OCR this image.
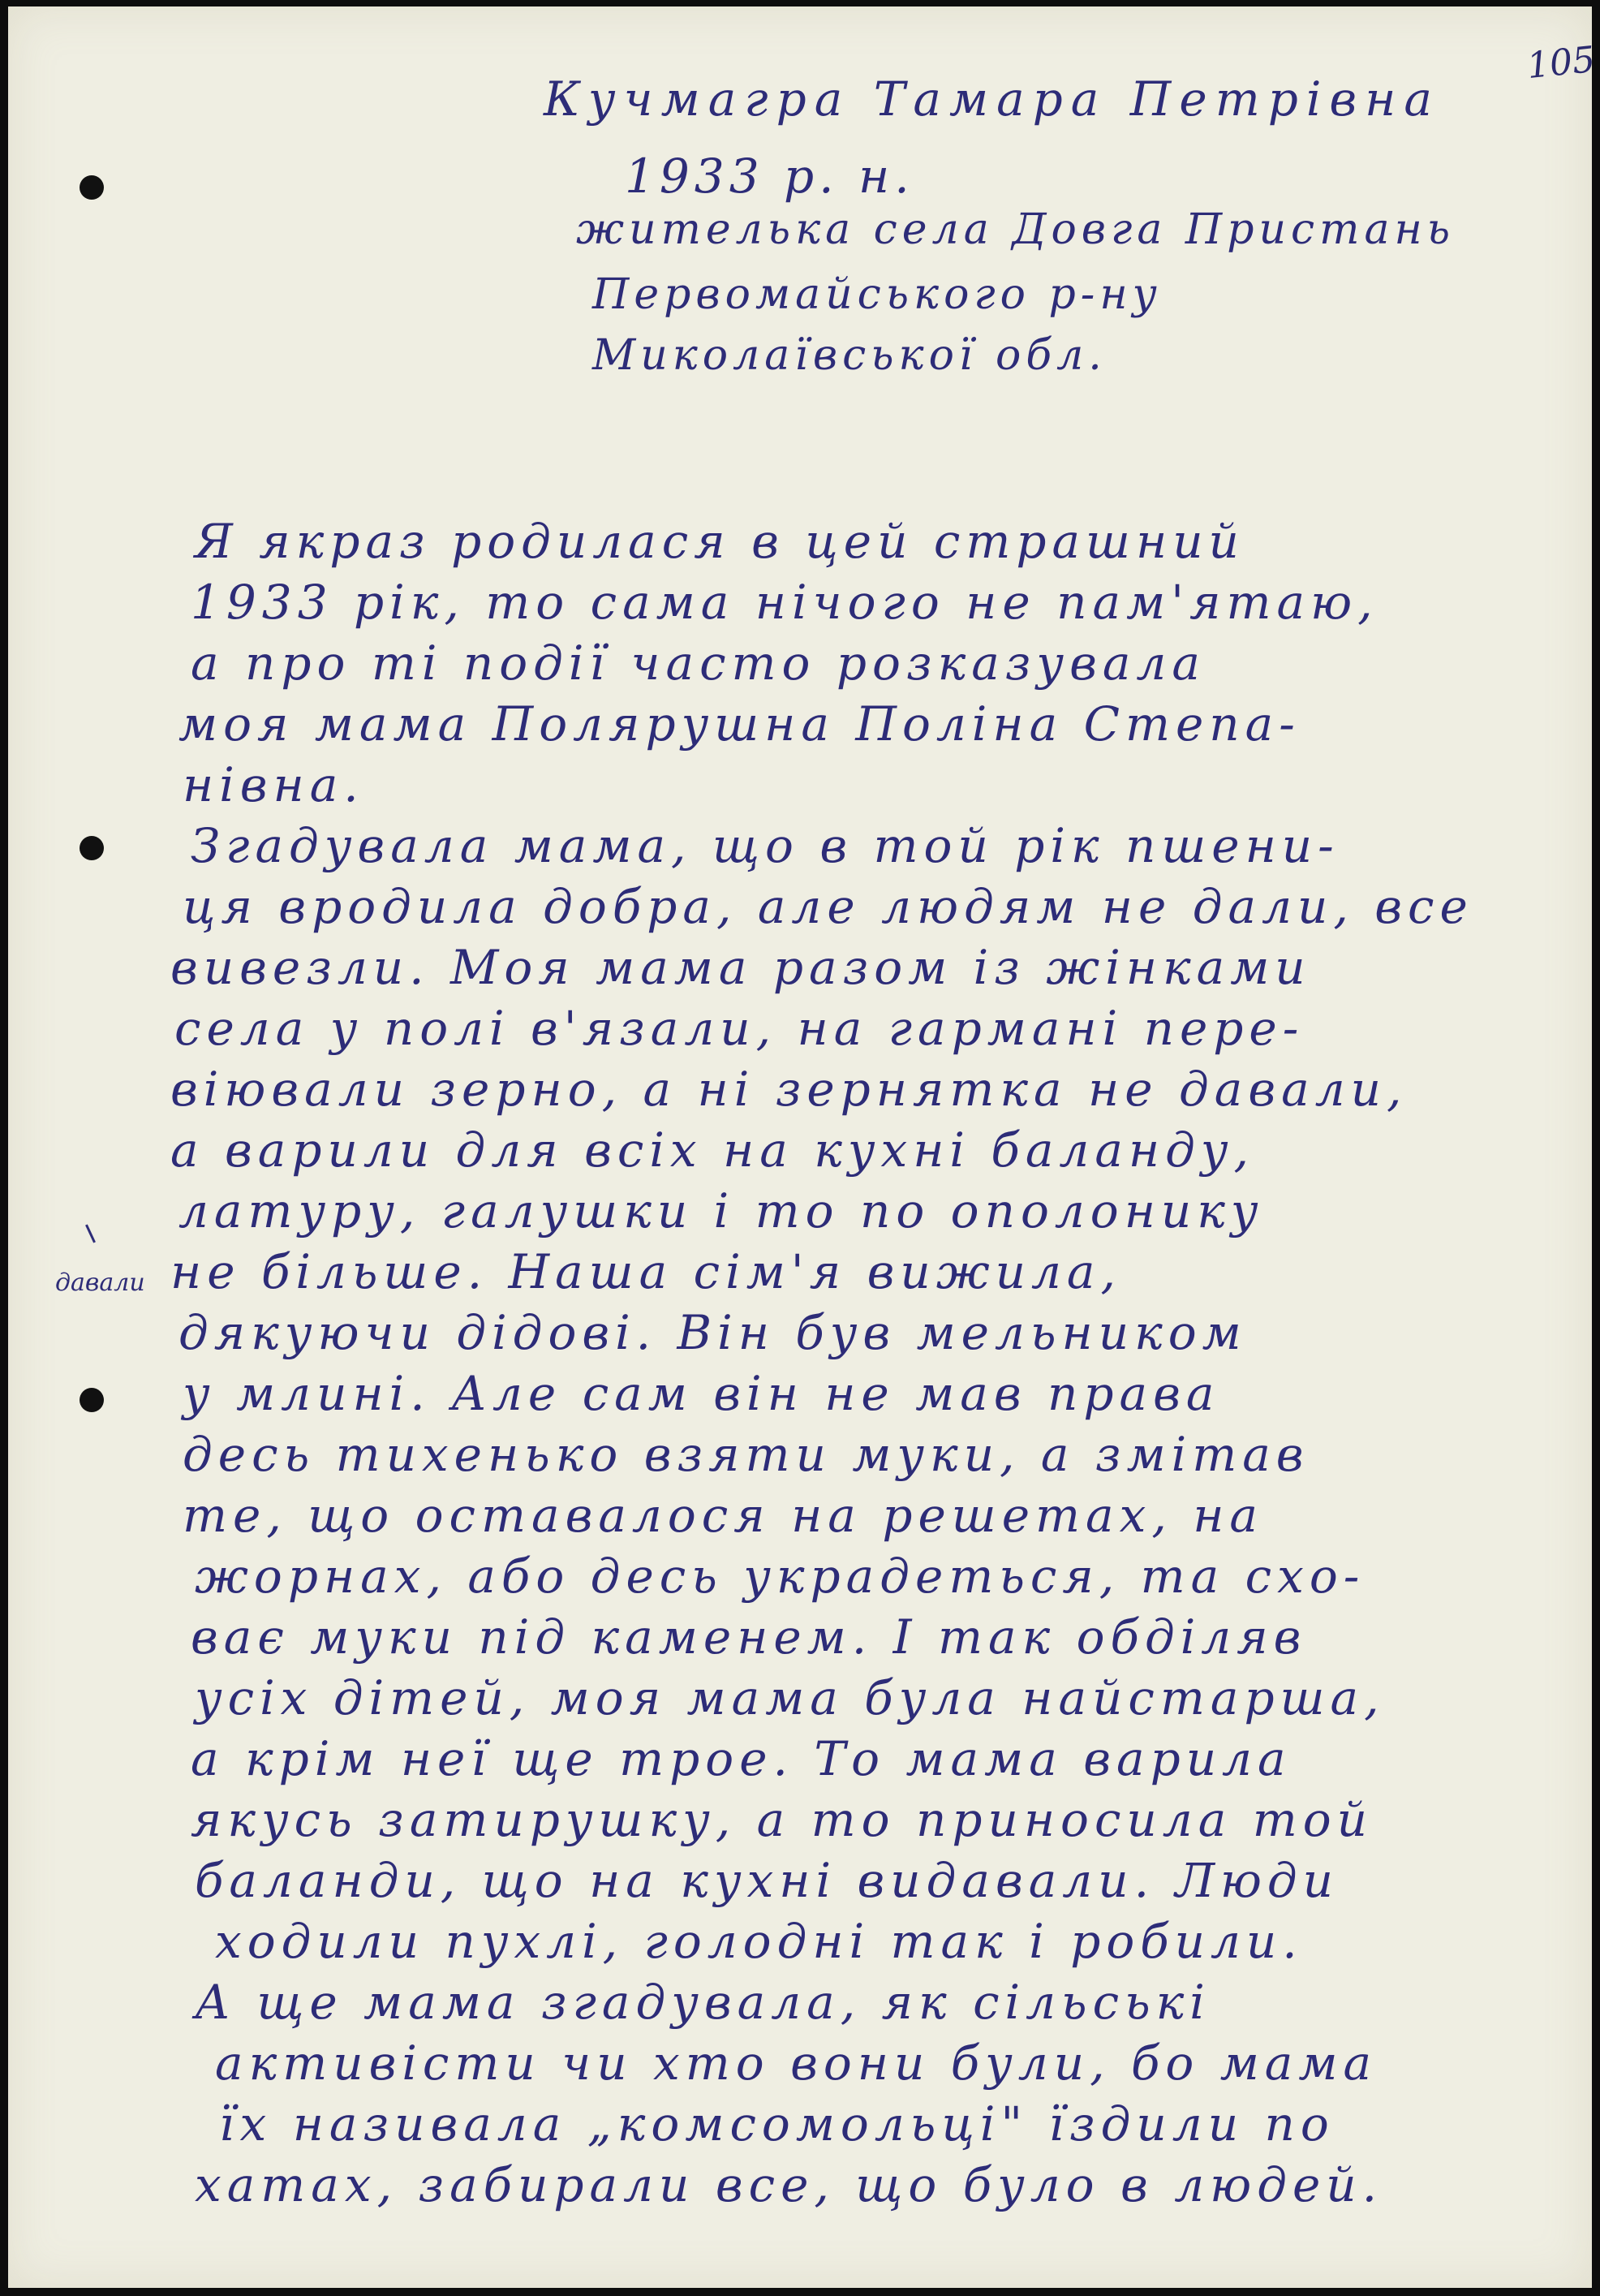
105

Кучмагра Тамара Петрівна

1933 р. н.

жителька села Довга Пристань

Первомайського р-ну

Миколаївської обл.

давали

Я якраз родилася в цей страшний

1933 рік, то сама нічого не пам'ятаю,

а про ті події часто розказувала

моя мама Полярушна Поліна Степа-

нівна.

Згадувала мама, що в той рік пшени-

ця вродила добра, але людям не дали, все

вивезли. Моя мама разом із жінками

села у полі в'язали, на гармані пере-

віювали зерно, а ні зернятка не давали,

а варили для всіх на кухні баланду,

латуру, галушки і то по ополонику

не більше. Наша сім'я вижила,

дякуючи дідові. Він був мельником

у млині. Але сам він не мав права

десь тихенько взяти муки, а змітав

те, що оставалося на решетах, на

жорнах, або десь украдеться, та схо-

ває муки під каменем. І так обділяв

усіх дітей, моя мама була найстарша,

а крім неї ще трое. То мама варила

якусь затирушку, а то приносила той

баланди, що на кухні видавали. Люди

ходили пухлі, голодні так і робили.

А ще мама згадувала, як сільські

активісти чи хто вони були, бо мама

їх називала „комсомольці" їздили по

хатах, забирали все, що було в людей.
